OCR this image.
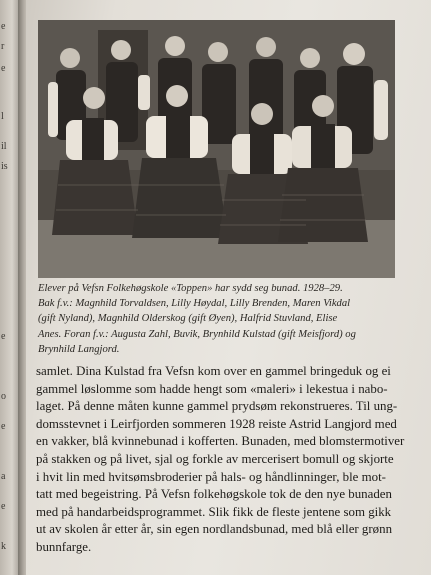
e
r
e
l
il
is
e
o
e
a
e
k
Elever på Vefsn Folkehøgskole «Toppen» har sydd seg bunad. 1928–29.
Bak f.v.: Magnhild Torvaldsen, Lilly Høydal, Lilly Brenden, Maren Vikdal
(gift Nyland), Magnhild Olderskog (gift Øyen), Halfrid Stuvland, Elise
Anes. Foran f.v.: Augusta Zahl, Buvik, Brynhild Kulstad (gift Meisfjord) og
Brynhild Langjord.
samlet. Dina Kulstad fra Vefsn kom over en gammel bringeduk og ei
gammel løslomme som hadde hengt som «maleri» i lekestua i nabo-
laget. På denne måten kunne gammel prydsøm rekonstrueres. Til ung-
domsstevnet i Leirfjorden sommeren 1928 reiste Astrid Langjord med
en vakker, blå kvinnebunad i kofferten. Bunaden, med blomstermotiver
på stakken og på livet, sjal og forkle av mercerisert bomull og skjorte
i hvit lin med hvitsømsbroderier på hals- og håndlinninger, ble mot-
tatt med begeistring. På Vefsn folkehøgskole tok de den nye bunaden
med på handarbeidsprogrammet. Slik fikk de fleste jentene som gikk
ut av skolen år etter år, sin egen nordlandsbunad, med blå eller grønn
bunnfarge.
